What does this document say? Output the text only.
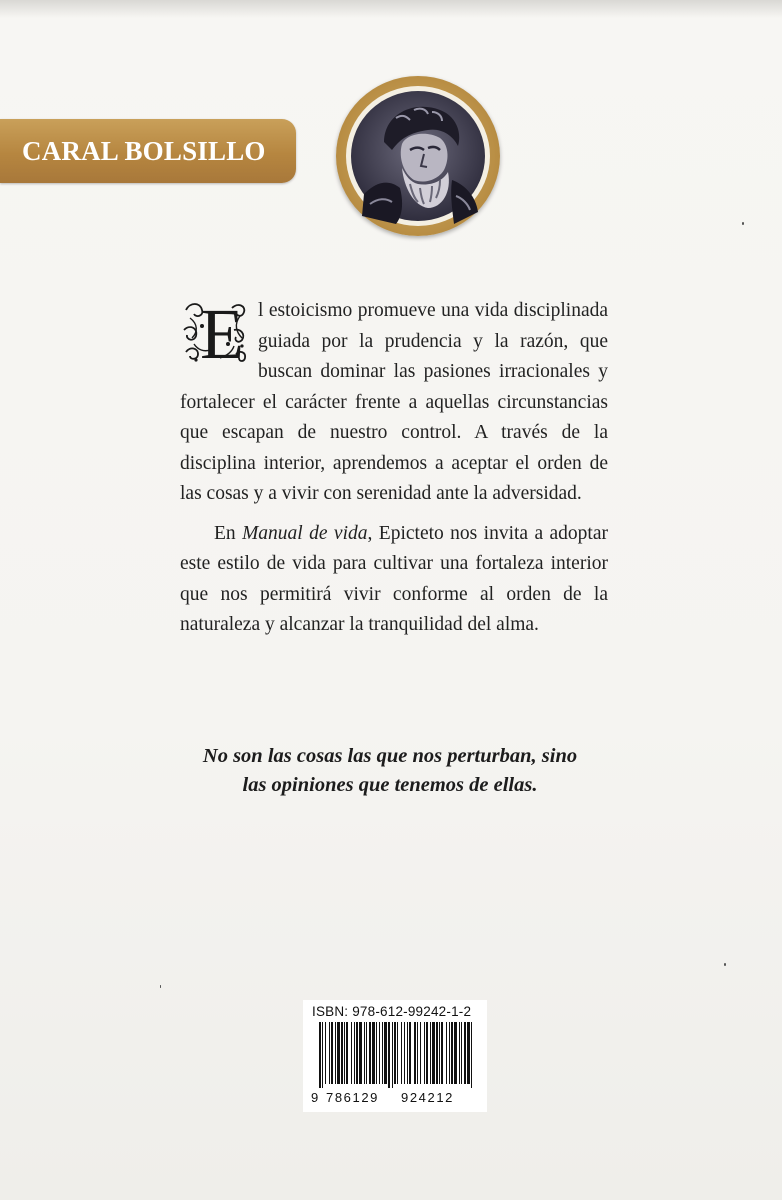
CARAL BOLSILLO

E l estoicismo promueve una vida disciplinada guiada por la prudencia y la razón, que buscan dominar las pasiones irracionales y fortalecer el carácter frente a aquellas circunstancias que escapan de nuestro control. A través de la disciplina interior, aprendemos a aceptar el orden de las cosas y a vivir con serenidad ante la adversidad.

En Manual de vida, Epicteto nos invita a adoptar este estilo de vida para cultivar una fortaleza interior que nos permitirá vivir conforme al orden de la naturaleza y alcanzar la tranquilidad del alma.

No son las cosas las que nos perturban, sino
las opiniones que tenemos de ellas.
ISBN: 978-612-99242-1-2
9 786129 924212
